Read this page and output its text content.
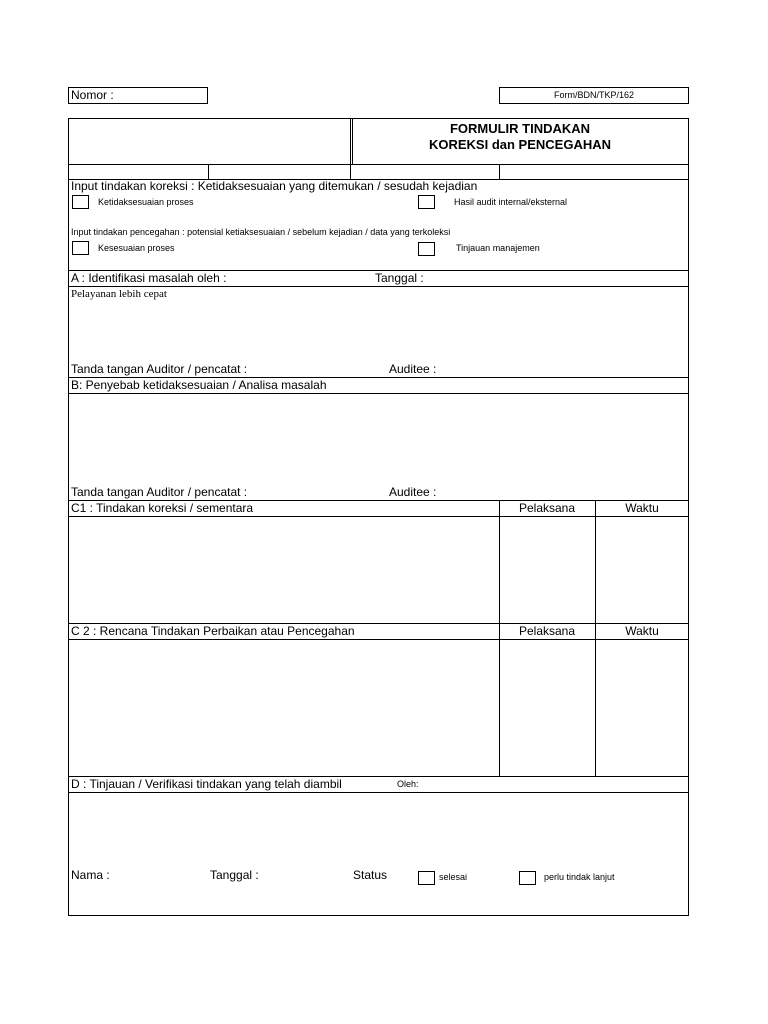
Nomor :	Form/BDN/TKP/162
FORMULIR TINDAKAN
KOREKSI dan PENCEGAHAN
Input tindakan koreksi : Ketidaksesuaian yang ditemukan / sesudah kejadian
Ketidaksesuaian proses	Hasil audit internal/eksternal
Input tindakan pencegahan : potensial ketiaksesuaian / sebelum kejadian / data yang terkoleksi
Kesesuaian proses	Tinjauan manajemen
A : Identifikasi masalah oleh :	Tanggal :
Pelayanan lebih cepat
Tanda tangan Auditor / pencatat :	Auditee :
B: Penyebab ketidaksesuaian / Analisa masalah
Tanda tangan Auditor / pencatat :	Auditee :
C1 : Tindakan koreksi / sementara	Pelaksana	Waktu
C 2 : Rencana Tindakan Perbaikan atau Pencegahan	Pelaksana	Waktu
D : Tinjauan / Verifikasi tindakan yang telah diambil	Oleh:
Nama :	Tanggal :	Status	selesai	perlu tindak lanjut
